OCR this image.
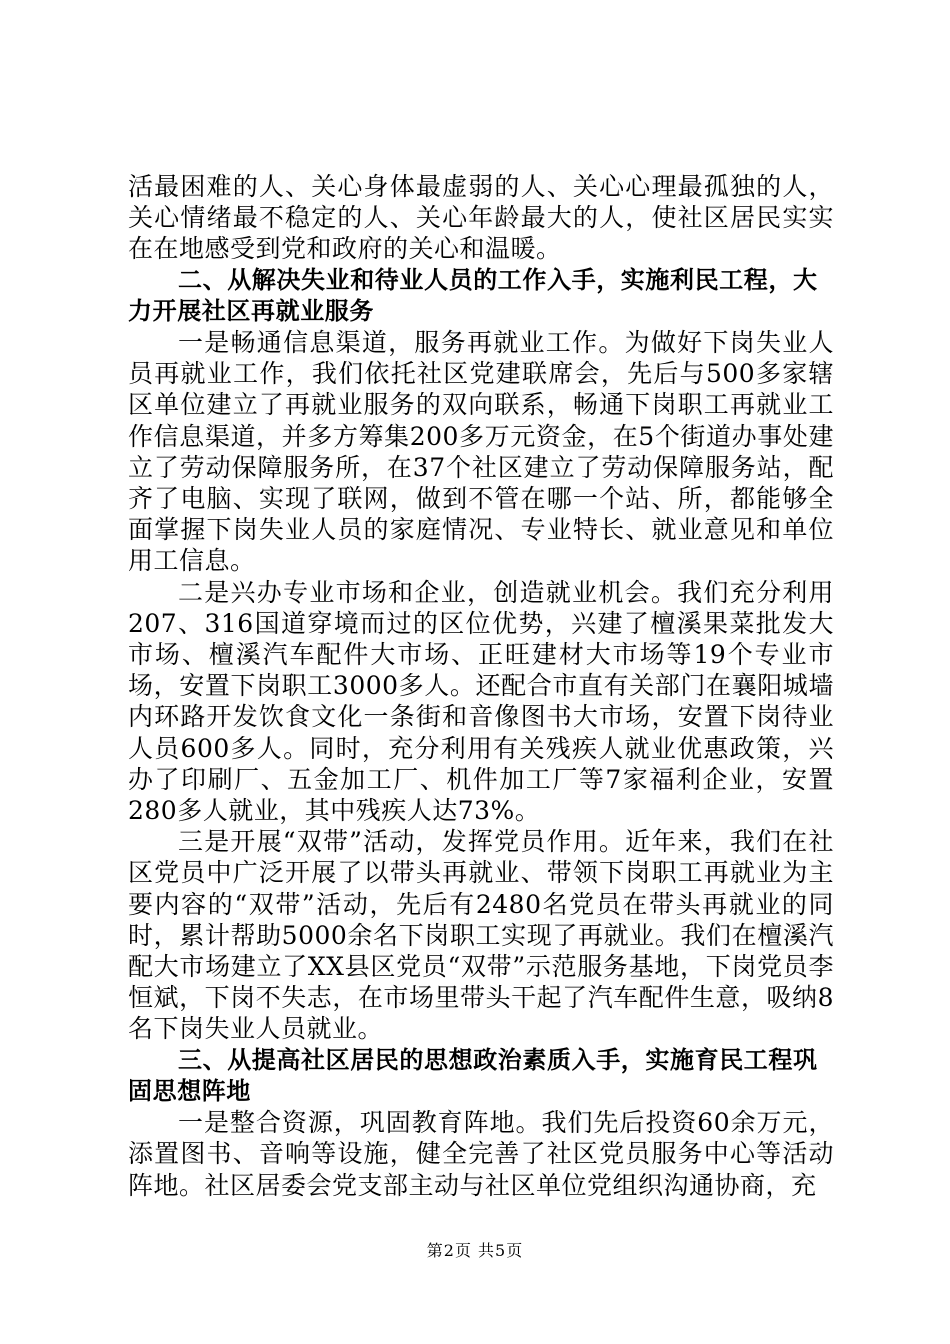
活最困难的人、关心身体最虚弱的人、关心心理最孤独的人，关心情绪最不稳定的人、关心年龄最大的人，使社区居民实实在在地感受到党和政府的关心和温暖。

二、从解决失业和待业人员的工作入手，实施利民工程，大力开展社区再就业服务

一是畅通信息渠道，服务再就业工作。为做好下岗失业人员再就业工作，我们依托社区党建联席会，先后与500多家辖区单位建立了再就业服务的双向联系，畅通下岗职工再就业工作信息渠道，并多方筹集200多万元资金，在5个街道办事处建立了劳动保障服务所，在37个社区建立了劳动保障服务站，配齐了电脑、实现了联网，做到不管在哪一个站、所，都能够全面掌握下岗失业人员的家庭情况、专业特长、就业意见和单位用工信息。

二是兴办专业市场和企业，创造就业机会。我们充分利用207、316国道穿境而过的区位优势，兴建了檀溪果菜批发大市场、檀溪汽车配件大市场、正旺建材大市场等19个专业市场，安置下岗职工3000多人。还配合市直有关部门在襄阳城墙内环路开发饮食文化一条街和音像图书大市场，安置下岗待业人员600多人。同时，充分利用有关残疾人就业优惠政策，兴办了印刷厂、五金加工厂、机件加工厂等7家福利企业，安置280多人就业，其中残疾人达73%。

三是开展“双带”活动，发挥党员作用。近年来，我们在社区党员中广泛开展了以带头再就业、带领下岗职工再就业为主要内容的“双带”活动，先后有2480名党员在带头再就业的同时，累计帮助5000余名下岗职工实现了再就业。我们在檀溪汽配大市场建立了XX县区党员“双带”示范服务基地，下岗党员李恒斌，下岗不失志，在市场里带头干起了汽车配件生意，吸纳8名下岗失业人员就业。

三、从提高社区居民的思想政治素质入手，实施育民工程巩固思想阵地

一是整合资源，巩固教育阵地。我们先后投资60余万元，添置图书、音响等设施，健全完善了社区党员服务中心等活动阵地。社区居委会党支部主动与社区单位党组织沟通协商，充

第2页 共5页
